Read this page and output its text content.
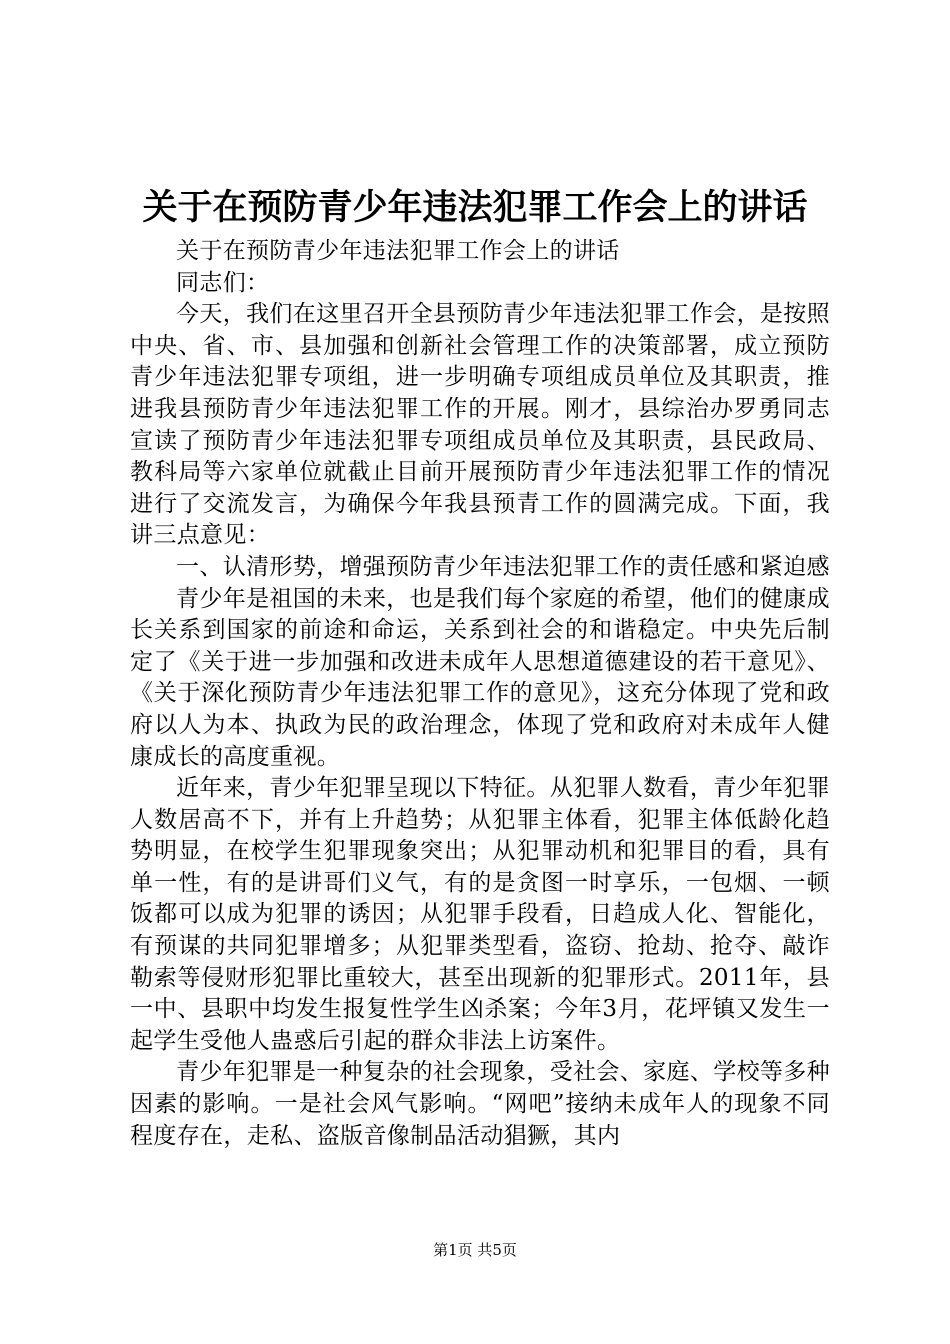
关于在预防青少年违法犯罪工作会上的讲话

关于在预防青少年违法犯罪工作会上的讲话

同志们：

今天，我们在这里召开全县预防青少年违法犯罪工作会，是按照中央、省、市、县加强和创新社会管理工作的决策部署，成立预防青少年违法犯罪专项组，进一步明确专项组成员单位及其职责，推进我县预防青少年违法犯罪工作的开展。刚才，县综治办罗勇同志宣读了预防青少年违法犯罪专项组成员单位及其职责，县民政局、教科局等六家单位就截止目前开展预防青少年违法犯罪工作的情况进行了交流发言，为确保今年我县预青工作的圆满完成。下面，我讲三点意见：

一、认清形势，增强预防青少年违法犯罪工作的责任感和紧迫感

青少年是祖国的未来，也是我们每个家庭的希望，他们的健康成长关系到国家的前途和命运，关系到社会的和谐稳定。中央先后制定了《关于进一步加强和改进未成年人思想道德建设的若干意见》、《关于深化预防青少年违法犯罪工作的意见》，这充分体现了党和政府以人为本、执政为民的政治理念，体现了党和政府对未成年人健康成长的高度重视。

近年来，青少年犯罪呈现以下特征。从犯罪人数看，青少年犯罪人数居高不下，并有上升趋势；从犯罪主体看，犯罪主体低龄化趋势明显，在校学生犯罪现象突出；从犯罪动机和犯罪目的看，具有单一性，有的是讲哥们义气，有的是贪图一时享乐，一包烟、一顿饭都可以成为犯罪的诱因；从犯罪手段看，日趋成人化、智能化，有预谋的共同犯罪增多；从犯罪类型看，盗窃、抢劫、抢夺、敲诈勒索等侵财形犯罪比重较大，甚至出现新的犯罪形式。2011年，县一中、县职中均发生报复性学生凶杀案；今年3月，花坪镇又发生一起学生受他人蛊惑后引起的群众非法上访案件。

青少年犯罪是一种复杂的社会现象，受社会、家庭、学校等多种因素的影响。一是社会风气影响。“网吧”接纳未成年人的现象不同程度存在，走私、盗版音像制品活动猖獗，其内

第1页 共5页
